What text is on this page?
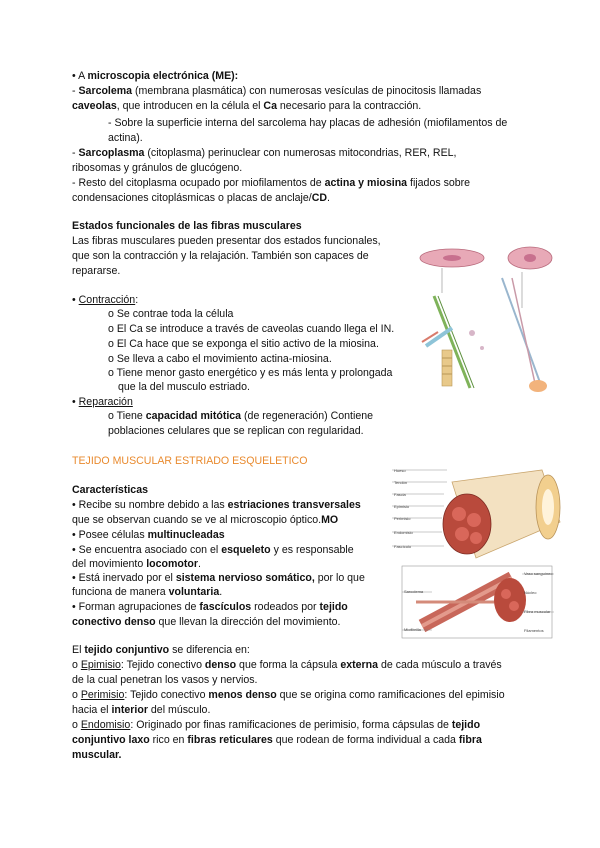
• A microscopia electrónica (ME):
- Sarcolema (membrana plasmática) con numerosas vesículas de pinocitosis llamadas
caveolas, que introducen en la célula el Ca necesario para la contracción.
- Sobre la superficie interna del sarcolema hay placas de adhesión (miofilamentos de
actina).
- Sarcoplasma (citoplasma) perinuclear con numerosas mitocondrias, RER, REL,
ribosomas y gránulos de glucógeno.
- Resto del citoplasma ocupado por miofilamentos de actina y miosina fijados sobre
condensaciones citoplásmicas o placas de anclaje/CD.
Estados funcionales de las fibras musculares
Las fibras musculares pueden presentar dos estados funcionales,
que son la contracción y la relajación. También son capaces de
repararse.
• Contracción:
o Se contrae toda la célula
o El Ca se introduce a través de caveolas cuando llega el IN.
o El Ca hace que se exponga el sitio activo de la miosina.
o Se lleva a cabo el movimiento actina-miosina.
o Tiene menor gasto energético y es más lenta y prolongada
que la del musculo estriado.
• Reparación
o Tiene capacidad mitótica (de regeneración) Contiene
poblaciones celulares que se replican con regularidad.
TEJIDO MUSCULAR ESTRIADO ESQUELETICO
Características
• Recibe su nombre debido a las estriaciones transversales
que se observan cuando se ve al microscopio óptico.MO
• Posee células multinucleadas
• Se encuentra asociado con el esqueleto y es responsable
del movimiento locomotor.
• Está inervado por el sistema nervioso somático, por lo que
funciona de manera voluntaria.
• Forman agrupaciones de fascículos rodeados por tejido
conectivo denso que llevan la dirección del movimiento.
Hueso
Tendón
Fascia
Epimisio
Perimisio
Endomisio
Fascículo
Vaso sanguíneo
Fibra muscular
Sarcolema
Miofibrilla
Núcleo
Filamentos
El tejido conjuntivo se diferencia en:
o Epimisio: Tejido conectivo denso que forma la cápsula externa de cada músculo a través
de la cual penetran los vasos y nervios.
o Perimisio: Tejido conectivo menos denso que se origina como ramificaciones del epimisio
hacia el interior del músculo.
o Endomisio: Originado por finas ramificaciones de perimisio, forma cápsulas de tejido
conjuntivo laxo rico en fibras reticulares que rodean de forma individual a cada fibra
muscular.
